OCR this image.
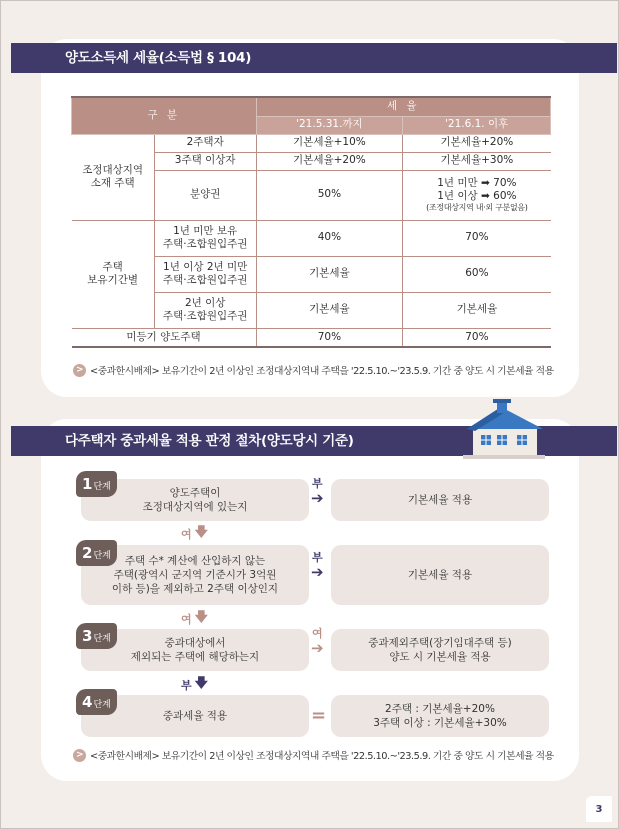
양도소득세 세율(소득법 § 104)
구 분		세 율	
		'21.5.31.까지	'21.6.1. 이후
조정대상지역
소재 주택	2주택자	기본세율+10%	기본세율+20%
	3주택 이상자	기본세율+20%	기본세율+30%
	분양권	50%	1년 미만 ➡ 70%
1년 이상 ➡ 60%
(조정대상지역 내·외 구분없음)

주택
보유기간별	1년 미만 보유
주택·조합원입주권	40%	70%
	1년 이상 2년 미만
주택·조합원입주권	기본세율	60%
	2년 이상
주택·조합원입주권	기본세율	기본세율
미등기 양도주택		70%	70%
> <중과한시배제> 보유기간이 2년 이상인 조정대상지역내 주택을 '22.5.10.~'23.5.9. 기간 중 양도 시 기본세율 적용
다주택자 중과세율 적용 판정 절차(양도당시 기준)
양도주택이
조정대상지역에 있는지
1 단계	부
➔	기본세율 적용
여 🡇
주택 수* 계산에 산입하지 않는
주택(광역시 군지역 기준시가 3억원
이하 등)을 제외하고 2주택 이상인지
2 단계	부
➔	기본세율 적용
여 🡇
중과대상에서
제외되는 주택에 해당하는지
3 단계	여
➔	중과제외주택(장기임대주택 등)
양도 시 기본세율 적용
부 🡇
중과세율 적용
4 단계	=	2주택 : 기본세율+20%
3주택 이상 : 기본세율+30%
> <중과한시배제> 보유기간이 2년 이상인 조정대상지역내 주택을 '22.5.10.~'23.5.9. 기간 중 양도 시 기본세율 적용
3
